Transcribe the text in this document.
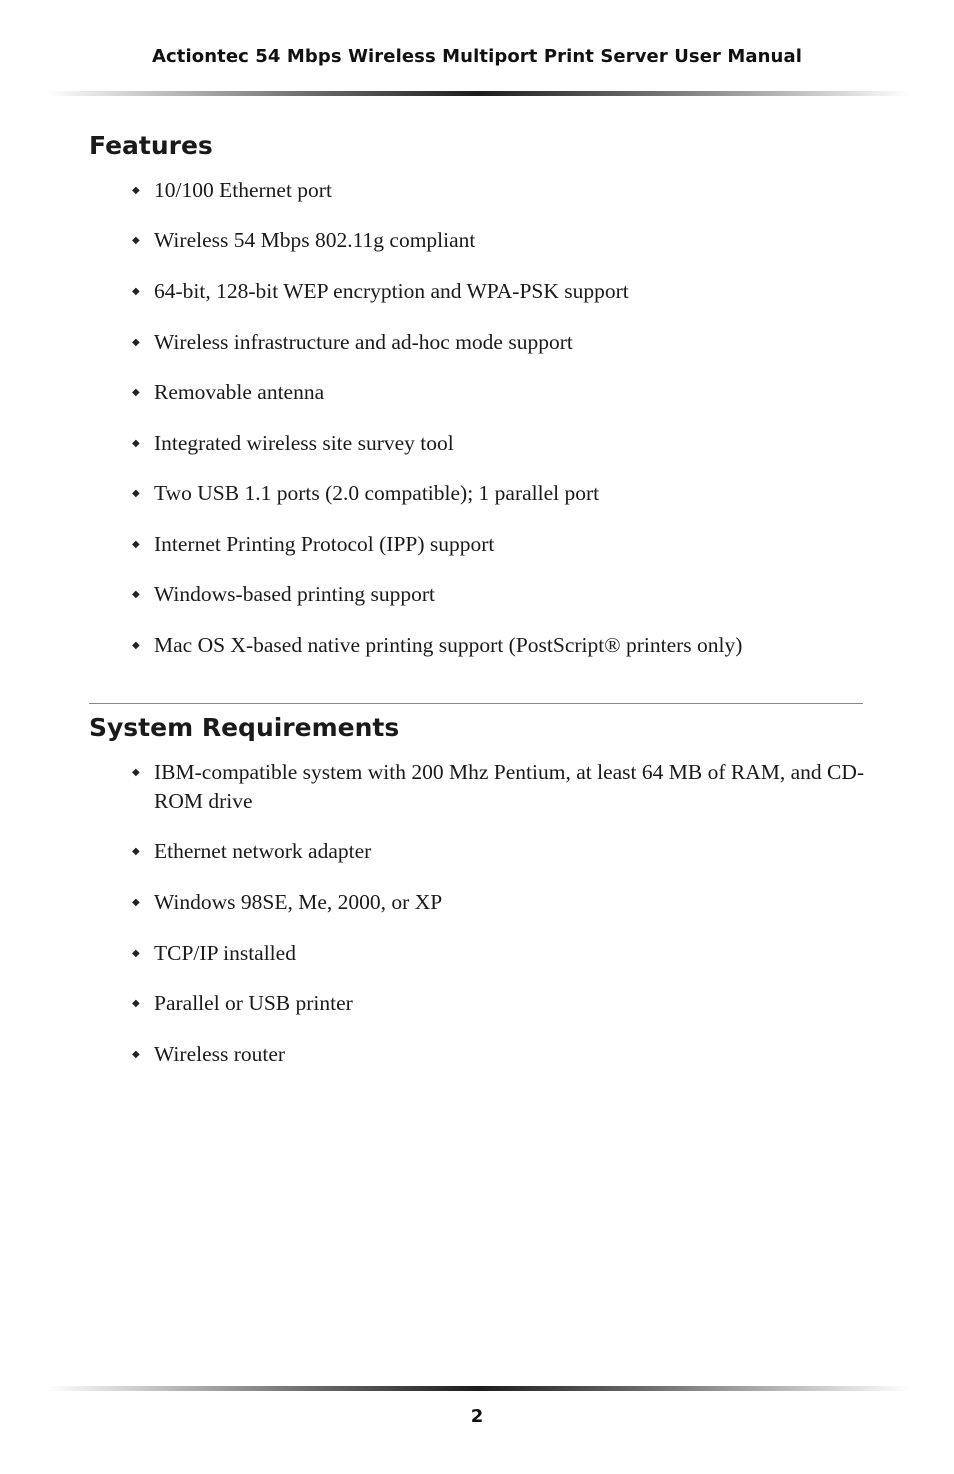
Actiontec 54 Mbps Wireless Multiport Print Server User Manual
Features
◆ 10/100 Ethernet port
◆ Wireless 54 Mbps 802.11g compliant
◆ 64-bit, 128-bit WEP encryption and WPA-PSK support
◆ Wireless infrastructure and ad-hoc mode support
◆ Removable antenna
◆ Integrated wireless site survey tool
◆ Two USB 1.1 ports (2.0 compatible); 1 parallel port
◆ Internet Printing Protocol (IPP) support
◆ Windows-based printing support
◆ Mac OS X-based native printing support (PostScript® printers only)
System Requirements
◆ IBM-compatible system with 200 Mhz Pentium, at least 64 MB of RAM, and CD-ROM drive
◆ Ethernet network adapter
◆ Windows 98SE, Me, 2000, or XP
◆ TCP/IP installed
◆ Parallel or USB printer
◆ Wireless router
2
